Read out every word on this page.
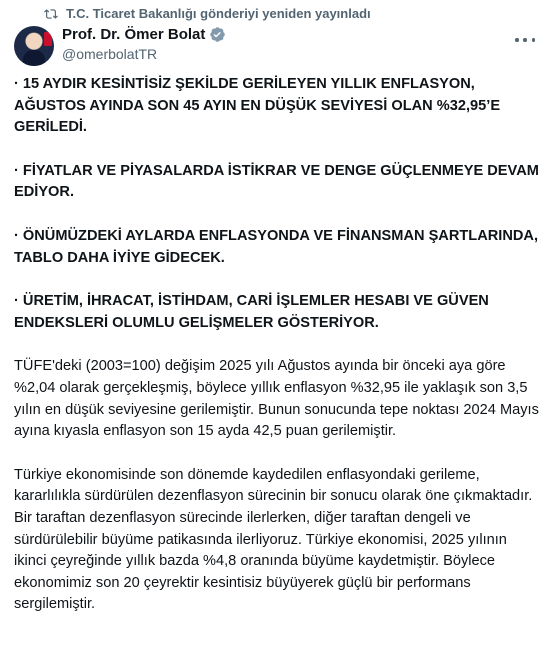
T.C. Ticaret Bakanlığı gönderiyi yeniden yayınladı
Prof. Dr. Ömer Bolat
@omerbolatTR

· 15 AYDIR KESİNTİSİZ ŞEKİLDE GERİLEYEN YILLIK ENFLASYON, AĞUSTOS AYINDA SON 45 AYIN EN DÜŞÜK SEVİYESİ OLAN %32,95’E GERİLEDİ.

· FİYATLAR VE PİYASALARDA İSTİKRAR VE DENGE GÜÇLENMEYE DEVAM EDİYOR.

· ÖNÜMÜZDEKİ AYLARDA ENFLASYONDA VE FİNANSMAN ŞARTLARINDA, TABLO DAHA İYİYE GİDECEK.

· ÜRETİM, İHRACAT, İSTİHDAM, CARİ İŞLEMLER HESABI VE GÜVEN ENDEKSLERİ OLUMLU GELİŞMELER GÖSTERİYOR.

TÜFE'deki (2003=100) değişim 2025 yılı Ağustos ayında bir önceki aya göre %2,04 olarak gerçekleşmiş, böylece yıllık enflasyon %32,95 ile yaklaşık son 3,5 yılın en düşük seviyesine gerilemiştir. Bunun sonucunda tepe noktası 2024 Mayıs ayına kıyasla enflasyon son 15 ayda 42,5 puan gerilemiştir.

Türkiye ekonomisinde son dönemde kaydedilen enflasyondaki gerileme, kararlılıkla sürdürülen dezenflasyon sürecinin bir sonucu olarak öne çıkmaktadır. Bir taraftan dezenflasyon sürecinde ilerlerken, diğer taraftan dengeli ve sürdürülebilir büyüme patikasında ilerliyoruz. Türkiye ekonomisi, 2025 yılının ikinci çeyreğinde yıllık bazda %4,8 oranında büyüme kaydetmiştir. Böylece ekonomimiz son 20 çeyrektir kesintisiz büyüyerek güçlü bir performans sergilemiştir.
